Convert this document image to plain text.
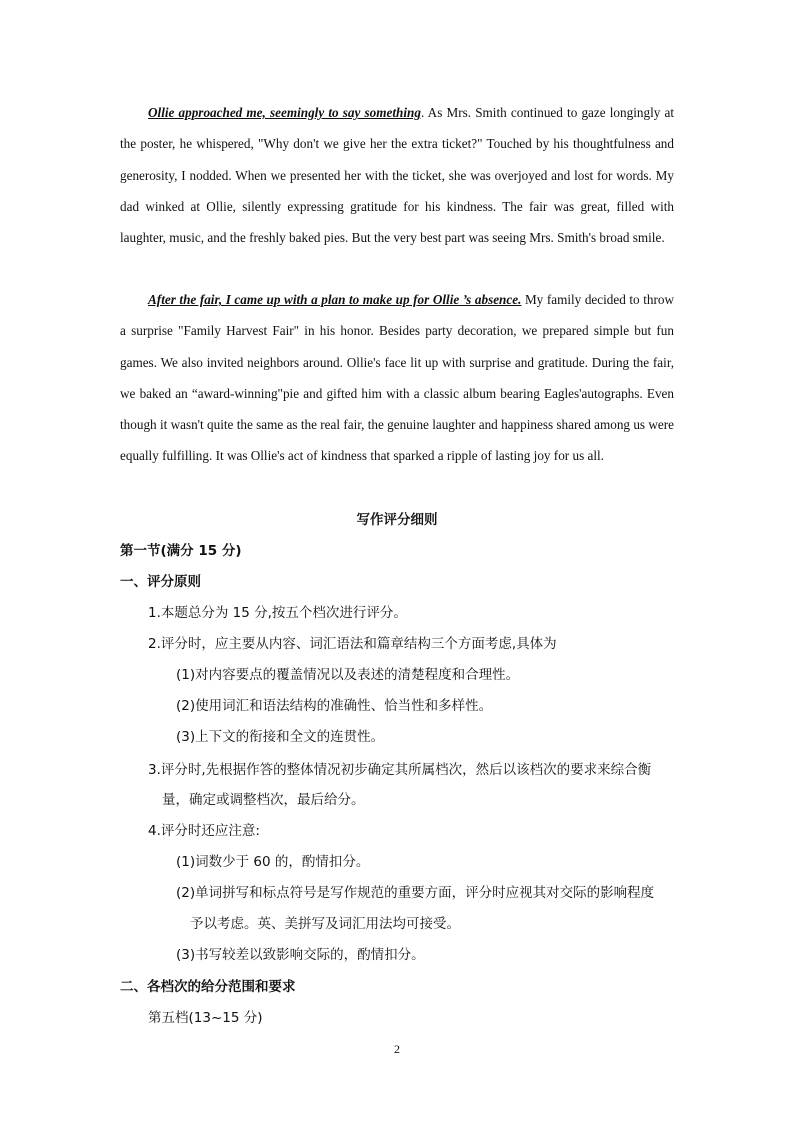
Ollie approached me, seemingly to say something. As Mrs. Smith continued to gaze longingly at the poster, he whispered, "Why don't we give her the extra ticket?" Touched by his thoughtfulness and generosity, I nodded. When we presented her with the ticket, she was overjoyed and lost for words. My dad winked at Ollie, silently expressing gratitude for his kindness. The fair was great, filled with laughter, music, and the freshly baked pies. But the very best part was seeing Mrs. Smith's broad smile.

After the fair, I came up with a plan to make up for Ollie ’s absence. My family decided to throw a surprise "Family Harvest Fair" in his honor. Besides party decoration, we prepared simple but fun games. We also invited neighbors around. Ollie's face lit up with surprise and gratitude. During the fair, we baked an “award-winning"pie and gifted him with a classic album bearing Eagles'autographs. Even though it wasn't quite the same as the real fair, the genuine laughter and happiness shared among us were equally fulfilling. It was Ollie's act of kindness that sparked a ripple of lasting joy for us all.

写作评分细则

第一节(满分 15 分)

一、评分原则

1.本题总分为 15 分,按五个档次进行评分。

2.评分时，应主要从内容、词汇语法和篇章结构三个方面考虑,具体为

(1)对内容要点的覆盖情况以及表述的清楚程度和合理性。

(2)使用词汇和语法结构的准确性、恰当性和多样性。

(3)上下文的衔接和全文的连贯性。

3.评分时,先根据作答的整体情况初步确定其所属档次，然后以该档次的要求来综合衡

量，确定或调整档次，最后给分。

4.评分时还应注意:

(1)词数少于 60 的，酌情扣分。

(2)单词拼写和标点符号是写作规范的重要方面，评分时应视其对交际的影响程度

予以考虑。英、美拼写及词汇用法均可接受。

(3)书写较差以致影响交际的，酌情扣分。

二、各档次的给分范围和要求

第五档(13~15 分)

2
